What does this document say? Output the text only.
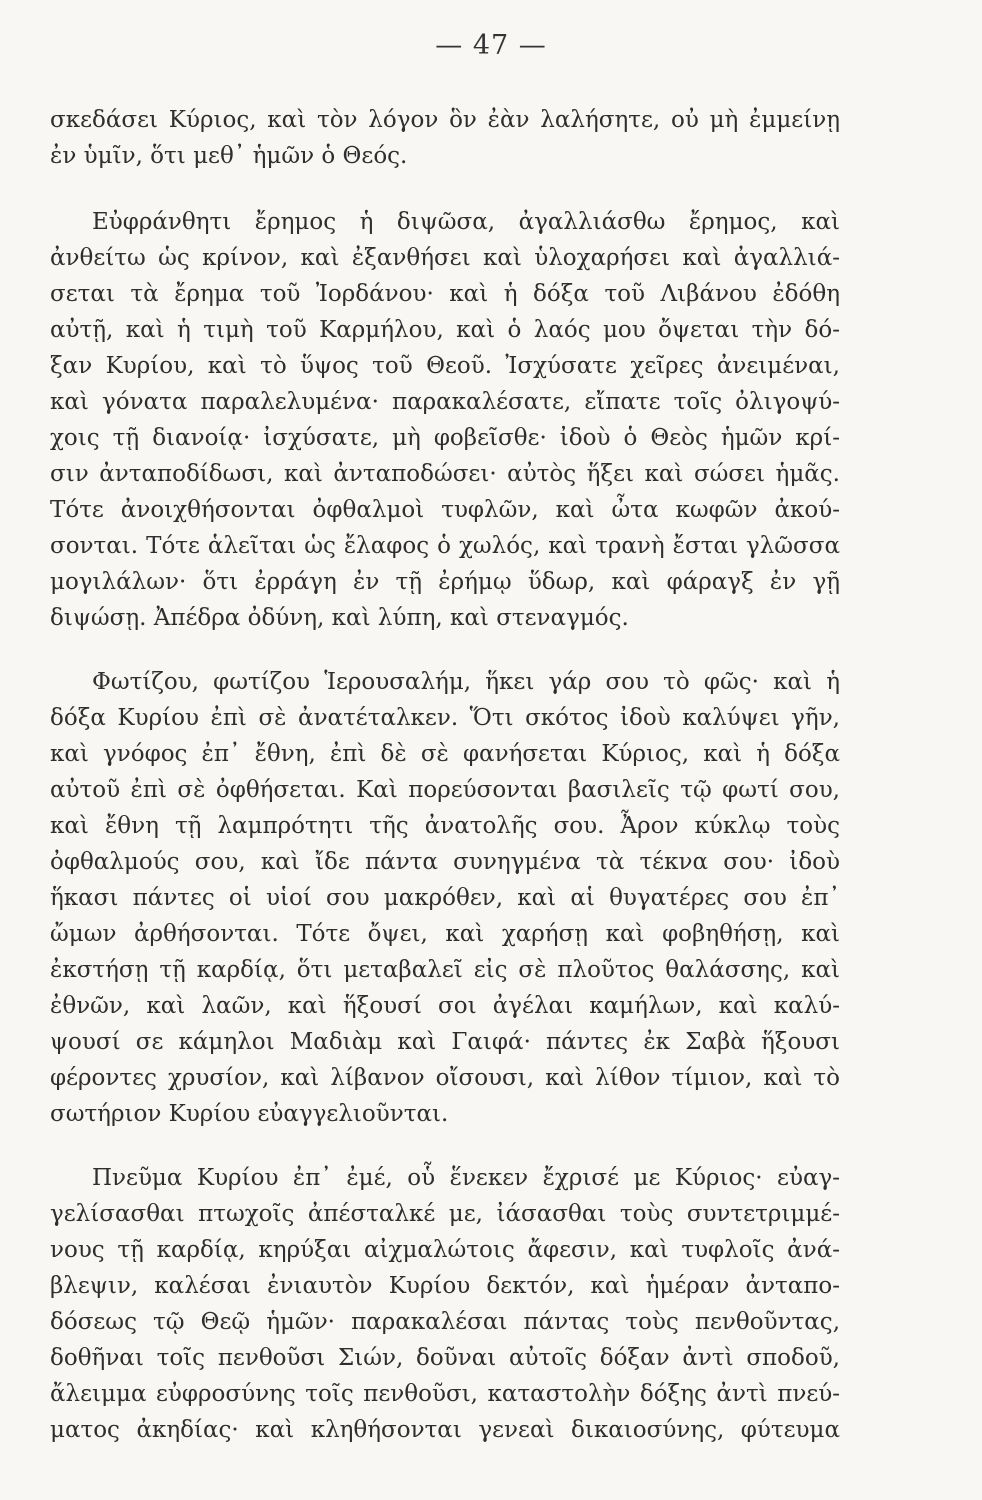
— 47 —
σκεδάσει Κύριος, καὶ τὸν λόγον ὃν ἐὰν λαλήσητε, οὐ μὴ ἐμμείνῃ
ἐν ὑμῖν, ὅτι μεθ᾽ ἡμῶν ὁ Θεός.
Εὐφράνθητι ἔρημος ἡ διψῶσα, ἀγαλλιάσθω ἔρημος, καὶ
ἀνθείτω ὡς κρίνον, καὶ ἐξανθήσει καὶ ὑλοχαρήσει καὶ ἀγαλλιά-
σεται τὰ ἔρημα τοῦ Ἰορδάνου· καὶ ἡ δόξα τοῦ Λιβάνου ἐδόθη
αὐτῇ, καὶ ἡ τιμὴ τοῦ Καρμήλου, καὶ ὁ λαός μου ὄψεται τὴν δό-
ξαν Κυρίου, καὶ τὸ ὕψος τοῦ Θεοῦ. Ἰσχύσατε χεῖρες ἀνειμέναι,
καὶ γόνατα παραλελυμένα· παρακαλέσατε, εἴπατε τοῖς ὀλιγοψύ-
χοις τῇ διανοίᾳ· ἰσχύσατε, μὴ φοβεῖσθε· ἰδοὺ ὁ Θεὸς ἡμῶν κρί-
σιν ἀνταποδίδωσι, καὶ ἀνταποδώσει· αὐτὸς ἥξει καὶ σώσει ἡμᾶς.
Τότε ἀνοιχθήσονται ὀφθαλμοὶ τυφλῶν, καὶ ὦτα κωφῶν ἀκού-
σονται. Τότε ἁλεῖται ὡς ἔλαφος ὁ χωλός, καὶ τρανὴ ἔσται γλῶσσα
μογιλάλων· ὅτι ἐρράγη ἐν τῇ ἐρήμῳ ὕδωρ, καὶ φάραγξ ἐν γῇ
διψώσῃ. Ἀπέδρα ὀδύνη, καὶ λύπη, καὶ στεναγμός.
Φωτίζου, φωτίζου Ἱερουσαλήμ, ἥκει γάρ σου τὸ φῶς· καὶ ἡ
δόξα Κυρίου ἐπὶ σὲ ἀνατέταλκεν. Ὅτι σκότος ἰδοὺ καλύψει γῆν,
καὶ γνόφος ἐπ᾽ ἔθνη, ἐπὶ δὲ σὲ φανήσεται Κύριος, καὶ ἡ δόξα
αὐτοῦ ἐπὶ σὲ ὀφθήσεται. Καὶ πορεύσονται βασιλεῖς τῷ φωτί σου,
καὶ ἔθνη τῇ λαμπρότητι τῆς ἀνατολῆς σου. Ἆρον κύκλῳ τοὺς
ὀφθαλμούς σου, καὶ ἴδε πάντα συνηγμένα τὰ τέκνα σου· ἰδοὺ
ἥκασι πάντες οἱ υἱοί σου μακρόθεν, καὶ αἱ θυγατέρες σου ἐπ᾽
ὤμων ἀρθήσονται. Τότε ὄψει, καὶ χαρήσῃ καὶ φοβηθήσῃ, καὶ
ἐκστήσῃ τῇ καρδίᾳ, ὅτι μεταβαλεῖ εἰς σὲ πλοῦτος θαλάσσης, καὶ
ἐθνῶν, καὶ λαῶν, καὶ ἥξουσί σοι ἀγέλαι καμήλων, καὶ καλύ-
ψουσί σε κάμηλοι Μαδιὰμ καὶ Γαιφά· πάντες ἐκ Σαβὰ ἥξουσι
φέροντες χρυσίον, καὶ λίβανον οἴσουσι, καὶ λίθον τίμιον, καὶ τὸ
σωτήριον Κυρίου εὐαγγελιοῦνται.
Πνεῦμα Κυρίου ἐπ᾽ ἐμέ, οὗ ἕνεκεν ἔχρισέ με Κύριος· εὐαγ-
γελίσασθαι πτωχοῖς ἀπέσταλκέ με, ἰάσασθαι τοὺς συντετριμμέ-
νους τῇ καρδίᾳ, κηρύξαι αἰχμαλώτοις ἄφεσιν, καὶ τυφλοῖς ἀνά-
βλεψιν, καλέσαι ἐνιαυτὸν Κυρίου δεκτόν, καὶ ἡμέραν ἀνταπο-
δόσεως τῷ Θεῷ ἡμῶν· παρακαλέσαι πάντας τοὺς πενθοῦντας,
δοθῆναι τοῖς πενθοῦσι Σιών, δοῦναι αὐτοῖς δόξαν ἀντὶ σποδοῦ,
ἄλειμμα εὐφροσύνης τοῖς πενθοῦσι, καταστολὴν δόξης ἀντὶ πνεύ-
ματος ἀκηδίας· καὶ κληθήσονται γενεαὶ δικαιοσύνης, φύτευμα
